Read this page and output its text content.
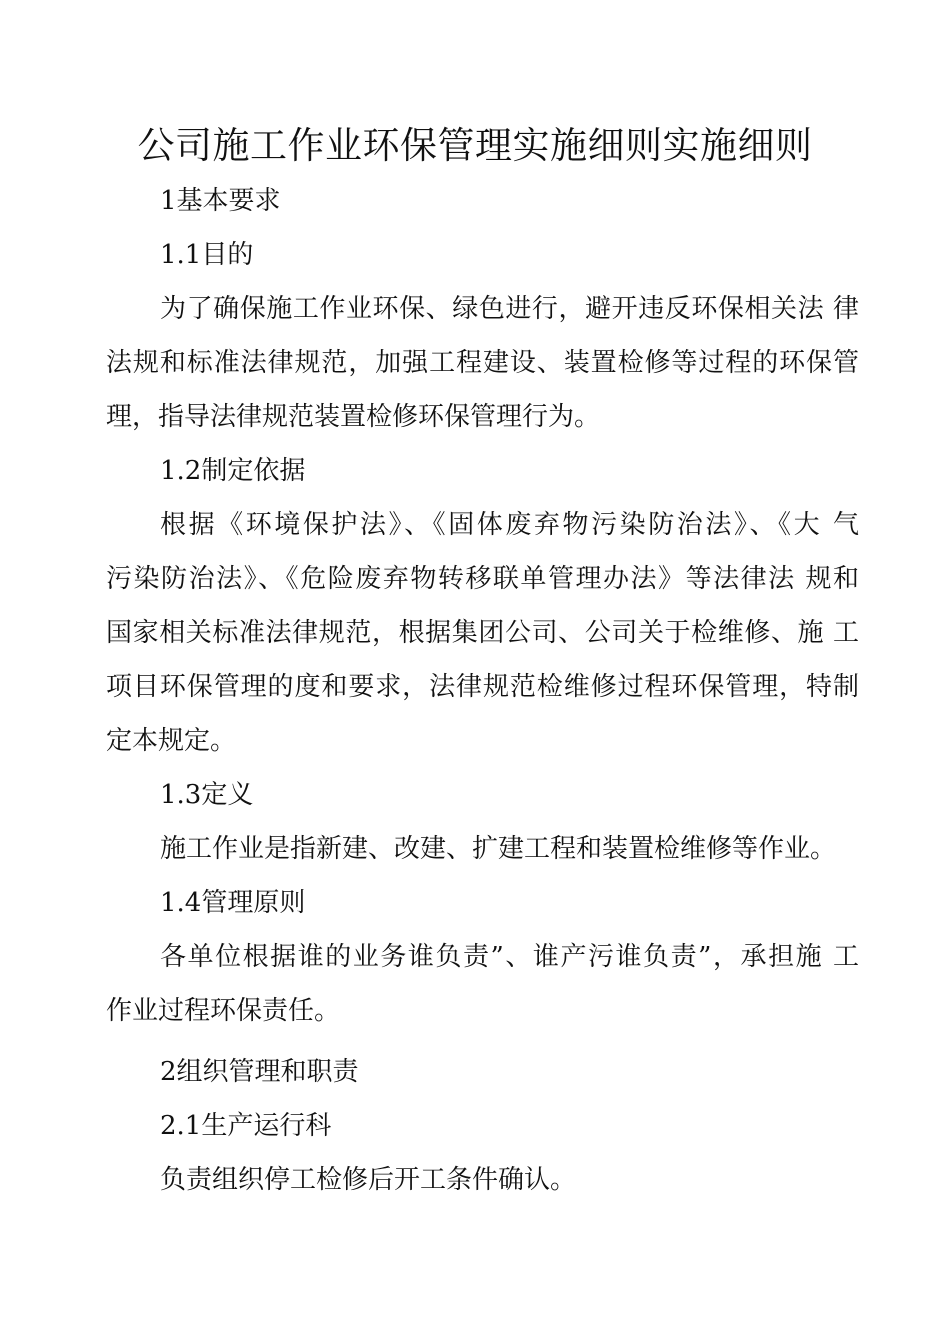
公司施工作业环保管理实施细则实施细则
1基本要求
1.1目的
为了确保施工作业环保、绿色进行，避开违反环保相关法 律
法规和标准法律规范，加强工程建设、装置检修等过程的环保管
理，指导法律规范装置检修环保管理行为。
1.2制定依据
根据《环境保护法》、《固体废弃物污染防治法》、《大 气
污染防治法》、《危险废弃物转移联单管理办法》等法律法 规和
国家相关标准法律规范，根据集团公司、公司关于检维修、施 工
项目环保管理的度和要求，法律规范检维修过程环保管理，特制
定本规定。
1.3定义
施工作业是指新建、改建、扩建工程和装置检维修等作业。
1.4管理原则
各单位根据谁的业务谁负责”、谁产污谁负责”，承担施 工
作业过程环保责任。
2组织管理和职责
2.1生产运行科
负责组织停工检修后开工条件确认。
